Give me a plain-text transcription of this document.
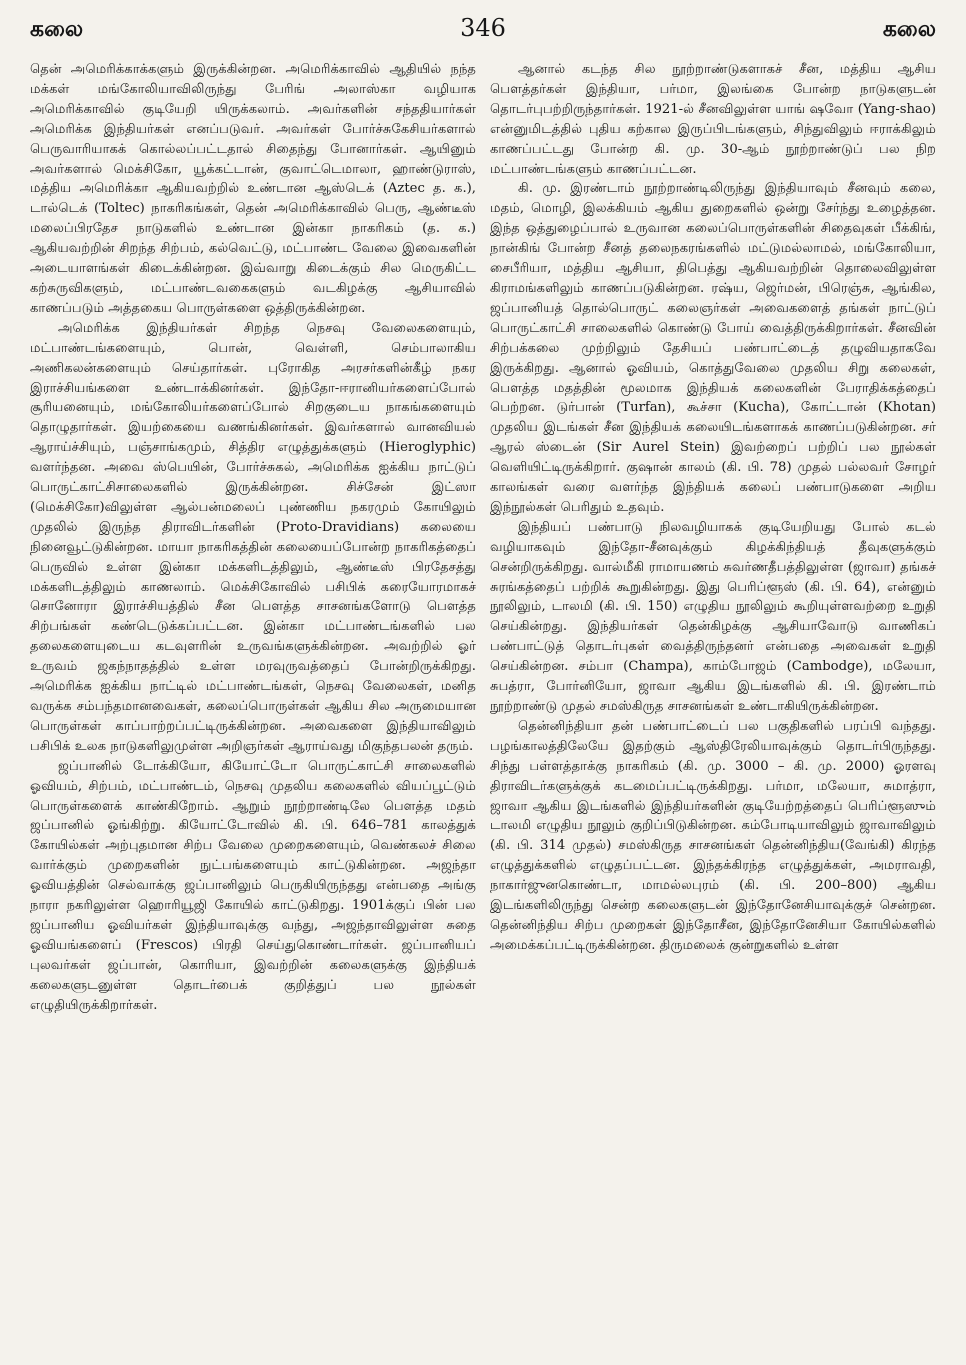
கலை	346	கலை

தென் அமெரிக்காக்களும் இருக்கின்றன. அமெரிக்காவில் ஆதியில் நந்த மக்கள் மங்கோலியாவிலிருந்து பேரிங் அலாஸ்கா வழியாக அமெரிக்காவில் குடியேறி யிருக்கலாம். அவர்களின் சந்ததியார்கள் அமெரிக்க இந்தியர்கள் எனப்படுவர். அவர்கள் போர்ச்சுகேசியர்களால் பெருவாரியாகக் கொல்லப்பட்டதால் சிதைந்து போனார்கள். ஆயினும் அவர்களால் மெக்சிகோ, யூக்கட்டான், குவாட்டெமாலா, ஹாண்டுராஸ், மத்திய அமெரிக்கா ஆகியவற்றில் உண்டான ஆஸ்டெக் (Aztec த. க.), டால்டெக் (Toltec) நாகரிகங்கள், தென் அமெரிக்காவில் பெரு, ஆண்டீஸ் மலைப்பிரதேச நாடுகளில் உண்டான இன்கா நாகரிகம் (த. க.) ஆகியவற்றின் சிறந்த சிற்பம், கல்வெட்டு, மட்பாண்ட வேலை இவைகளின் அடையாளங்கள் கிடைக்கின்றன. இவ்வாறு கிடைக்கும் சில மெருகிட்ட கற்சுருவிகளும், மட்பாண்டவகைகளும் வடகிழக்கு ஆசியாவில் காணப்படும் அத்தகைய பொருள்களை ஒத்திருக்கின்றன.

அமெரிக்க இந்தியர்கள் சிறந்த நெசவு வேலைகளையும், மட்பாண்டங்களையும், பொன், வெள்ளி, செம்பாலாகிய அணிகலன்களையும் செய்தார்கள். புரோகித அரசர்களின்கீழ் நகர இராச்சியங்களை உண்டாக்கினர்கள். இந்தோ-ஈரானியர்களைப்போல் சூரியனையும், மங்கோலியர்களைப்போல் சிறகுடைய நாகங்களையும் தொழுதார்கள். இயற்கையை வணங்கினர்கள். இவர்களால் வானவியல் ஆராய்ச்சியும், பஞ்சாங்கமும், சித்திர எழுத்துக்களும் (Hieroglyphic) வளர்ந்தன. அவை ஸ்பெயின், போர்ச்சுகல், அமெரிக்க ஐக்கிய நாட்டுப் பொருட்காட்சிசாலைகளில் இருக்கின்றன. சிச்சேன் இட்ஸா (மெக்சிகோ)விலுள்ள ஆல்பன்மலைப் புண்ணிய நகரமும் கோயிலும் முதலில் இருந்த திராவிடர்களின் (Proto-Dravidians) கலையை நினைவூட்டுகின்றன. மாயா நாகரிகத்தின் கலையைப்போன்ற நாகரிகத்தைப் பெருவில் உள்ள இன்கா மக்களிடத்திலும், ஆண்டீஸ் பிரதேசத்து மக்களிடத்திலும் காணலாம். மெக்சிகோவில் பசிபிக் கரையோரமாகச் சொனோரா இராச்சியத்தில் சீன பௌத்த சாசனங்களோடு பௌத்த சிற்பங்கள் கண்டெடுக்கப்பட்டன. இன்கா மட்பாண்டங்களில் பல தலைகளையுடைய கடவுளரின் உருவங்களுக்கின்றன. அவற்றில் ஓர் உருவம் ஜகந்நாதத்தில் உள்ள மரவுருவத்தைப் போன்றிருக்கிறது. அமெரிக்க ஐக்கிய நாட்டில் மட்பாண்டங்கள், நெசவு வேலைகள், மனித வருக்க சம்பந்தமானவைகள், கலைப்பொருள்கள் ஆகிய சில அருமையான பொருள்கள் காப்பாற்றப்பட்டிருக்கின்றன. அவைகளை இந்தியாவிலும் பசிபிக் உலக நாடுகளிலுமுள்ள அறிஞர்கள் ஆராய்வது மிகுந்தபலன் தரும்.

ஜப்பானில் டோக்கியோ, கியோட்டோ பொருட்காட்சி சாலைகளில் ஓவியம், சிற்பம், மட்பாண்டம், நெசவு முதலிய கலைகளில் வியப்பூட்டும் பொருள்களைக் காண்கிறோம். ஆறும் நூற்றாண்டிலே பௌத்த மதம் ஜப்பானில் ஓங்கிற்று. கியோட்டோவில் கி. பி. 646–781 காலத்துக் கோயில்கள் அற்புதமான சிற்ப வேலை முறைகளையும், வெண்கலச் சிலை வார்க்கும் முறைகளின் நுட்பங்களையும் காட்டுகின்றன. அஜந்தா ஓவியத்தின் செல்வாக்கு ஜப்பானிலும் பெருகியிருந்தது என்பதை அங்கு நாரா நகரிலுள்ள ஹொரியூஜி கோயில் காட்டுகிறது. 1901க்குப் பின் பல ஜப்பானிய ஓவியர்கள் இந்தியாவுக்கு வந்து, அஜந்தாவிலுள்ள சுதை ஓவியங்களைப் (Frescos) பிரதி செய்துகொண்டார்கள். ஜப்பானியப் புலவர்கள் ஜப்பான், கொரியா, இவற்றின் கலைகளுக்கு இந்தியக் கலைகளுடனுள்ள தொடர்பைக் குறித்துப் பல நூல்கள் எழுதியிருக்கிறார்கள்.

ஆனால் கடந்த சில நூற்றாண்டுகளாகச் சீன, மத்திய ஆசிய பௌத்தர்கள் இந்தியா, பர்மா, இலங்கை போன்ற நாடுகளுடன் தொடர்புபற்றிருந்தார்கள். 1921-ல் சீனவிலுள்ள யாங் ஷவோ (Yang-shao) என்னுமிடத்தில் புதிய கற்கால இருப்பிடங்களும், சிந்துவிலும் ஈராக்கிலும் காணப்பட்டது போன்ற கி. மு. 30-ஆம் நூற்றாண்டுப் பல நிற மட்பாண்டங்களும் காணப்பட்டன.

கி. மு. இரண்டாம் நூற்றாண்டிலிருந்து இந்தியாவும் சீனவும் கலை, மதம், மொழி, இலக்கியம் ஆகிய துறைகளில் ஒன்று சேர்ந்து உழைத்தன. இந்த ஒத்துழைப்பால் உருவான கலைப்பொருள்களின் சிதைவுகள் பீக்கிங், நான்கிங் போன்ற சீனத் தலைநகரங்களில் மட்டுமல்லாமல், மங்கோலியா, சைபீரியா, மத்திய ஆசியா, திபெத்து ஆகியவற்றின் தொலைவிலுள்ள கிராமங்களிலும் காணப்படுகின்றன. ரஷ்ய, ஜெர்மன், பிரெஞ்சு, ஆங்கில, ஜப்பானியத் தொல்பொருட் கலைஞர்கள் அவைகளைத் தங்கள் நாட்டுப் பொருட்காட்சி சாலைகளில் கொண்டு போய் வைத்திருக்கிறார்கள். சீனவின் சிற்பக்கலை முற்றிலும் தேசியப் பண்பாட்டைத் தழுவியதாகவே இருக்கிறது. ஆனால் ஓவியம், கொத்துவேலை முதலிய சிறு கலைகள், பௌத்த மதத்தின் மூலமாக இந்தியக் கலைகளின் பேராதிக்கத்தைப் பெற்றன. டுர்பான் (Turfan), கூச்சா (Kucha), கோட்டான் (Khotan) முதலிய இடங்கள் சீன இந்தியக் கலையிடங்களாகக் காணப்படுகின்றன. சர் ஆரல் ஸ்டைன் (Sir Aurel Stein) இவற்றைப் பற்றிப் பல நூல்கள் வெளியிட்டிருக்கிறார். குஷான் காலம் (கி. பி. 78) முதல் பல்லவர் சோழர் காலங்கள் வரை வளர்ந்த இந்தியக் கலைப் பண்பாடுகளை அறிய இந்நூல்கள் பெரிதும் உதவும்.

இந்தியப் பண்பாடு நிலவழியாகக் குடியேறியது போல் கடல் வழியாகவும் இந்தோ-சீனவுக்கும் கிழக்கிந்தியத் தீவுகளுக்கும் சென்றிருக்கிறது. வால்மீகி ராமாயணம் சுவர்ணதீபத்திலுள்ள (ஜாவா) தங்கச் சுரங்கத்தைப் பற்றிக் கூறுகின்றது. இது பெரிப்ளூஸ் (கி. பி. 64), என்னும் நூலிலும், டாலமி (கி. பி. 150) எழுதிய நூலிலும் கூறியுள்ளவற்றை உறுதி செய்கின்றது. இந்தியர்கள் தென்கிழக்கு ஆசியாவோடு வாணிகப் பண்பாட்டுத் தொடர்புகள் வைத்திருந்தனர் என்பதை அவைகள் உறுதி செய்கின்றன. சம்பா (Champa), காம்போஜம் (Cambodge), மலேயா, சுபத்ரா, போர்னியோ, ஜாவா ஆகிய இடங்களில் கி. பி. இரண்டாம் நூற்றாண்டு முதல் சமஸ்கிருத சாசனங்கள் உண்டாகியிருக்கின்றன.

தென்னிந்தியா தன் பண்பாட்டைப் பல பகுதிகளில் பரப்பி வந்தது. பழங்காலத்திலேயே இதற்கும் ஆஸ்திரேலியாவுக்கும் தொடர்பிருந்தது. சிந்து பள்ளத்தாக்கு நாகரிகம் (கி. மு. 3000 – கி. மு. 2000) ஓரளவு திராவிடர்களுக்குக் கடமைப்பட்டிருக்கிறது. பர்மா, மலேயா, சுமாத்ரா, ஜாவா ஆகிய இடங்களில் இந்தியர்களின் குடியேற்றத்தைப் பெரிப்ளூஸும் டாலமி எழுதிய நூலும் குறிப்பிடுகின்றன. கம்போடியாவிலும் ஜாவாவிலும் (கி. பி. 314 முதல்) சமஸ்கிருத சாசனங்கள் தென்னிந்திய(வேங்கி) கிரந்த எழுத்துக்களில் எழுதப்பட்டன. இந்தக்கிரந்த எழுத்துக்கள், அமராவதி, நாகார்ஜுனகொண்டா, மாமல்லபுரம் (கி. பி. 200–800) ஆகிய இடங்களிலிருந்து சென்ற கலைகளுடன் இந்தோனேசியாவுக்குச் சென்றன. தென்னிந்திய சிற்ப முறைகள் இந்தோசீன, இந்தோனேசியா கோயில்களில் அமைக்கப்பட்டிருக்கின்றன. திருமலைக் குன்றுகளில் உள்ள
